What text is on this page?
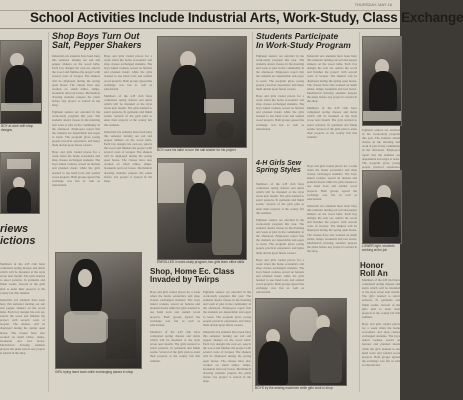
THURSDAY, MAY 16
School Activities Include Industrial Arts, Work-Study, Class Exchange
BOY at work with shop designs
riews
ictions

Members of the 4-H club have completed spring dresses and skirts which will be modeled at the style revue next month. The girls learned to select patterns, fit garments and finish seams. Several of the girls plan to enter their projects at the county fair this summer.

Industrial arts students have been busy this semester turning out salt and pepper shakers on the wood lathe. Each boy designs his own set, selects the wood and finishes the project with several coats of lacquer. The shakers will be displayed during the spring open house. The classes have also worked on small tables, lamps, bookends and tool boxes. Mechanical drawing students prepare the plans before any project is started in the shop.

Shop Boys Turn Out
Salt, Pepper Shakers

Industrial arts students have been busy this semester turning out salt and pepper shakers on the wood lathe. Each boy designs his own set, selects the wood and finishes the project with several coats of lacquer. The shakers will be displayed during the spring open house. The classes have also worked on small tables, lamps, bookends and tool boxes. Mechanical drawing students prepare the plans before any project is started in the shop.

Eighteen seniors are enrolled in the work-study program this year. The students attend classes in the morning and work at jobs in the community in the afternoon. Employers report that the students are dependable and eager to learn. The program gives young people practical experience and helps them decide upon future careers.

Boys and girls traded places for a week when the home economics and shop classes exchanged students. The boys baked cookies, sewed on buttons and planned meals while the girls learned to use hand tools and sanded wood projects. Both groups agreed the exchange was fun as well as educational.

Boys and girls traded places for a week when the home economics and shop classes exchanged students. The boys baked cookies, sewed on buttons and planned meals while the girls learned to use hand tools and sanded wood projects. Both groups agreed the exchange was fun as well as educational.

Members of the 4-H club have completed spring dresses and skirts which will be modeled at the style revue next month. The girls learned to select patterns, fit garments and finish seams. Several of the girls plan to enter their projects at the county fair this summer.

Industrial arts students have been busy this semester turning out salt and pepper shakers on the wood lathe. Each boy designs his own set, selects the wood and finishes the project with several coats of lacquer. The shakers will be displayed during the spring open house. The classes have also worked on small tables, lamps, bookends and tool boxes. Mechanical drawing students prepare the plans before any project is started in the shop.

BOY uses his lathe to turn the salt shaker for his project
ENROLLED in work-study program, two girls learn office skills
GIRL trying hand tools while exchanging places in shop
Shop, Home Ec. Class
Invaded by Twirps

Boys and girls traded places for a week when the home economics and shop classes exchanged students. The boys baked cookies, sewed on buttons and planned meals while the girls learned to use hand tools and sanded wood projects. Both groups agreed the exchange was fun as well as educational.

Members of the 4-H club have completed spring dresses and skirts which will be modeled at the style revue next month. The girls learned to select patterns, fit garments and finish seams. Several of the girls plan to enter their projects at the county fair this summer.

Eighteen seniors are enrolled in the work-study program this year. The students attend classes in the morning and work at jobs in the community in the afternoon. Employers report that the students are dependable and eager to learn. The program gives young people practical experience and helps them decide upon future careers.

Industrial arts students have been busy this semester turning out salt and pepper shakers on the wood lathe. Each boy designs his own set, selects the wood and finishes the project with several coats of lacquer. The shakers will be displayed during the spring open house. The classes have also worked on small tables, lamps, bookends and tool boxes. Mechanical drawing students prepare the plans before any project is started in the shop.

Students Participate
In Work-Study Program

Eighteen seniors are enrolled in the work-study program this year. The students attend classes in the morning and work at jobs in the community in the afternoon. Employers report that the students are dependable and eager to learn. The program gives young people practical experience and helps them decide upon future careers.

Boys and girls traded places for a week when the home economics and shop classes exchanged students. The boys baked cookies, sewed on buttons and planned meals while the girls learned to use hand tools and sanded wood projects. Both groups agreed the exchange was fun as well as educational.

Industrial arts students have been busy this semester turning out salt and pepper shakers on the wood lathe. Each boy designs his own set, selects the wood and finishes the project with several coats of lacquer. The shakers will be displayed during the spring open house. The classes have also worked on small tables, lamps, bookends and tool boxes. Mechanical drawing students prepare the plans before any project is started in the shop.

Members of the 4-H club have completed spring dresses and skirts which will be modeled at the style revue next month. The girls learned to select patterns, fit garments and finish seams. Several of the girls plan to enter their projects at the county fair this summer.

4-H Girls Sew
Spring Styles

Members of the 4-H club have completed spring dresses and skirts which will be modeled at the style revue next month. The girls learned to select patterns, fit garments and finish seams. Several of the girls plan to enter their projects at the county fair this summer.

Eighteen seniors are enrolled in the work-study program this year. The students attend classes in the morning and work at jobs in the community in the afternoon. Employers report that the students are dependable and eager to learn. The program gives young people practical experience and helps them decide upon future careers.

Boys and girls traded places for a week when the home economics and shop classes exchanged students. The boys baked cookies, sewed on buttons and planned meals while the girls learned to use hand tools and sanded wood projects. Both groups agreed the exchange was fun as well as educational.

Boys and girls traded places for a week when the home economics and shop classes exchanged students. The boys baked cookies, sewed on buttons and planned meals while the girls learned to use hand tools and sanded wood projects. Both groups agreed the exchange was fun as well as educational.

Industrial arts students have been busy this semester turning out salt and pepper shakers on the wood lathe. Each boy designs his own set, selects the wood and finishes the project with several coats of lacquer. The shakers will be displayed during the spring open house. The classes have also worked on small tables, lamps, bookends and tool boxes. Mechanical drawing students prepare the plans before any project is started in the shop.

BOYS try the sewing machines while girls work in shop

Eighteen seniors are enrolled in the work-study program this year. The students attend classes in the morning and work at jobs in the community in the afternoon. Employers report that the students are dependable and eager to learn. The program gives young people practical experience

LOWER right, students working at the job
Honor Roll An

Members of the 4-H club have completed spring dresses and skirts which will be modeled at the style revue next month. The girls learned to select patterns, fit garments and finish seams. Several of the girls plan to enter their projects at the county fair this summer.

Boys and girls traded places for a week when the home economics and shop classes exchanged students. The boys baked cookies, sewed on buttons and planned meals while the girls learned to use hand tools and sanded wood projects. Both groups agreed the exchange was fun as well as educational.
